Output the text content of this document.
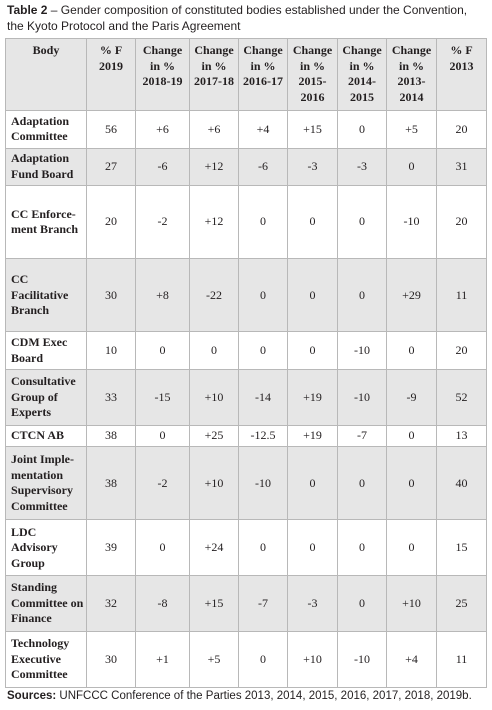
Table 2 – Gender composition of constituted bodies established under the Convention, the Kyoto Protocol and the Paris Agreement
Body	% F 2019	Change in % 2018-19	Change in % 2017-18	Change in % 2016-17	Change in % 2015-2016	Change in % 2014-2015	Change in % 2013-2014	% F 2013
Adaptation Committee	56	+6	+6	+4	+15	0	+5	20
Adaptation Fund Board	27	-6	+12	-6	-3	-3	0	31
CC Enforce-ment Branch	20	-2	+12	0	0	0	-10	20
CC Facilitative Branch	30	+8	-22	0	0	0	+29	11
CDM Exec Board	10	0	0	0	0	-10	0	20
Consultative Group of Experts	33	-15	+10	-14	+19	-10	-9	52
CTCN AB	38	0	+25	-12.5	+19	-7	0	13
Joint Imple-mentation Supervisory Committee	38	-2	+10	-10	0	0	0	40
LDC Advisory Group	39	0	+24	0	0	0	0	15
Standing Committee on Finance	32	-8	+15	-7	-3	0	+10	25
Technology Executive Committee	30	+1	+5	0	+10	-10	+4	11
Sources: UNFCCC Conference of the Parties 2013, 2014, 2015, 2016, 2017, 2018, 2019b.
